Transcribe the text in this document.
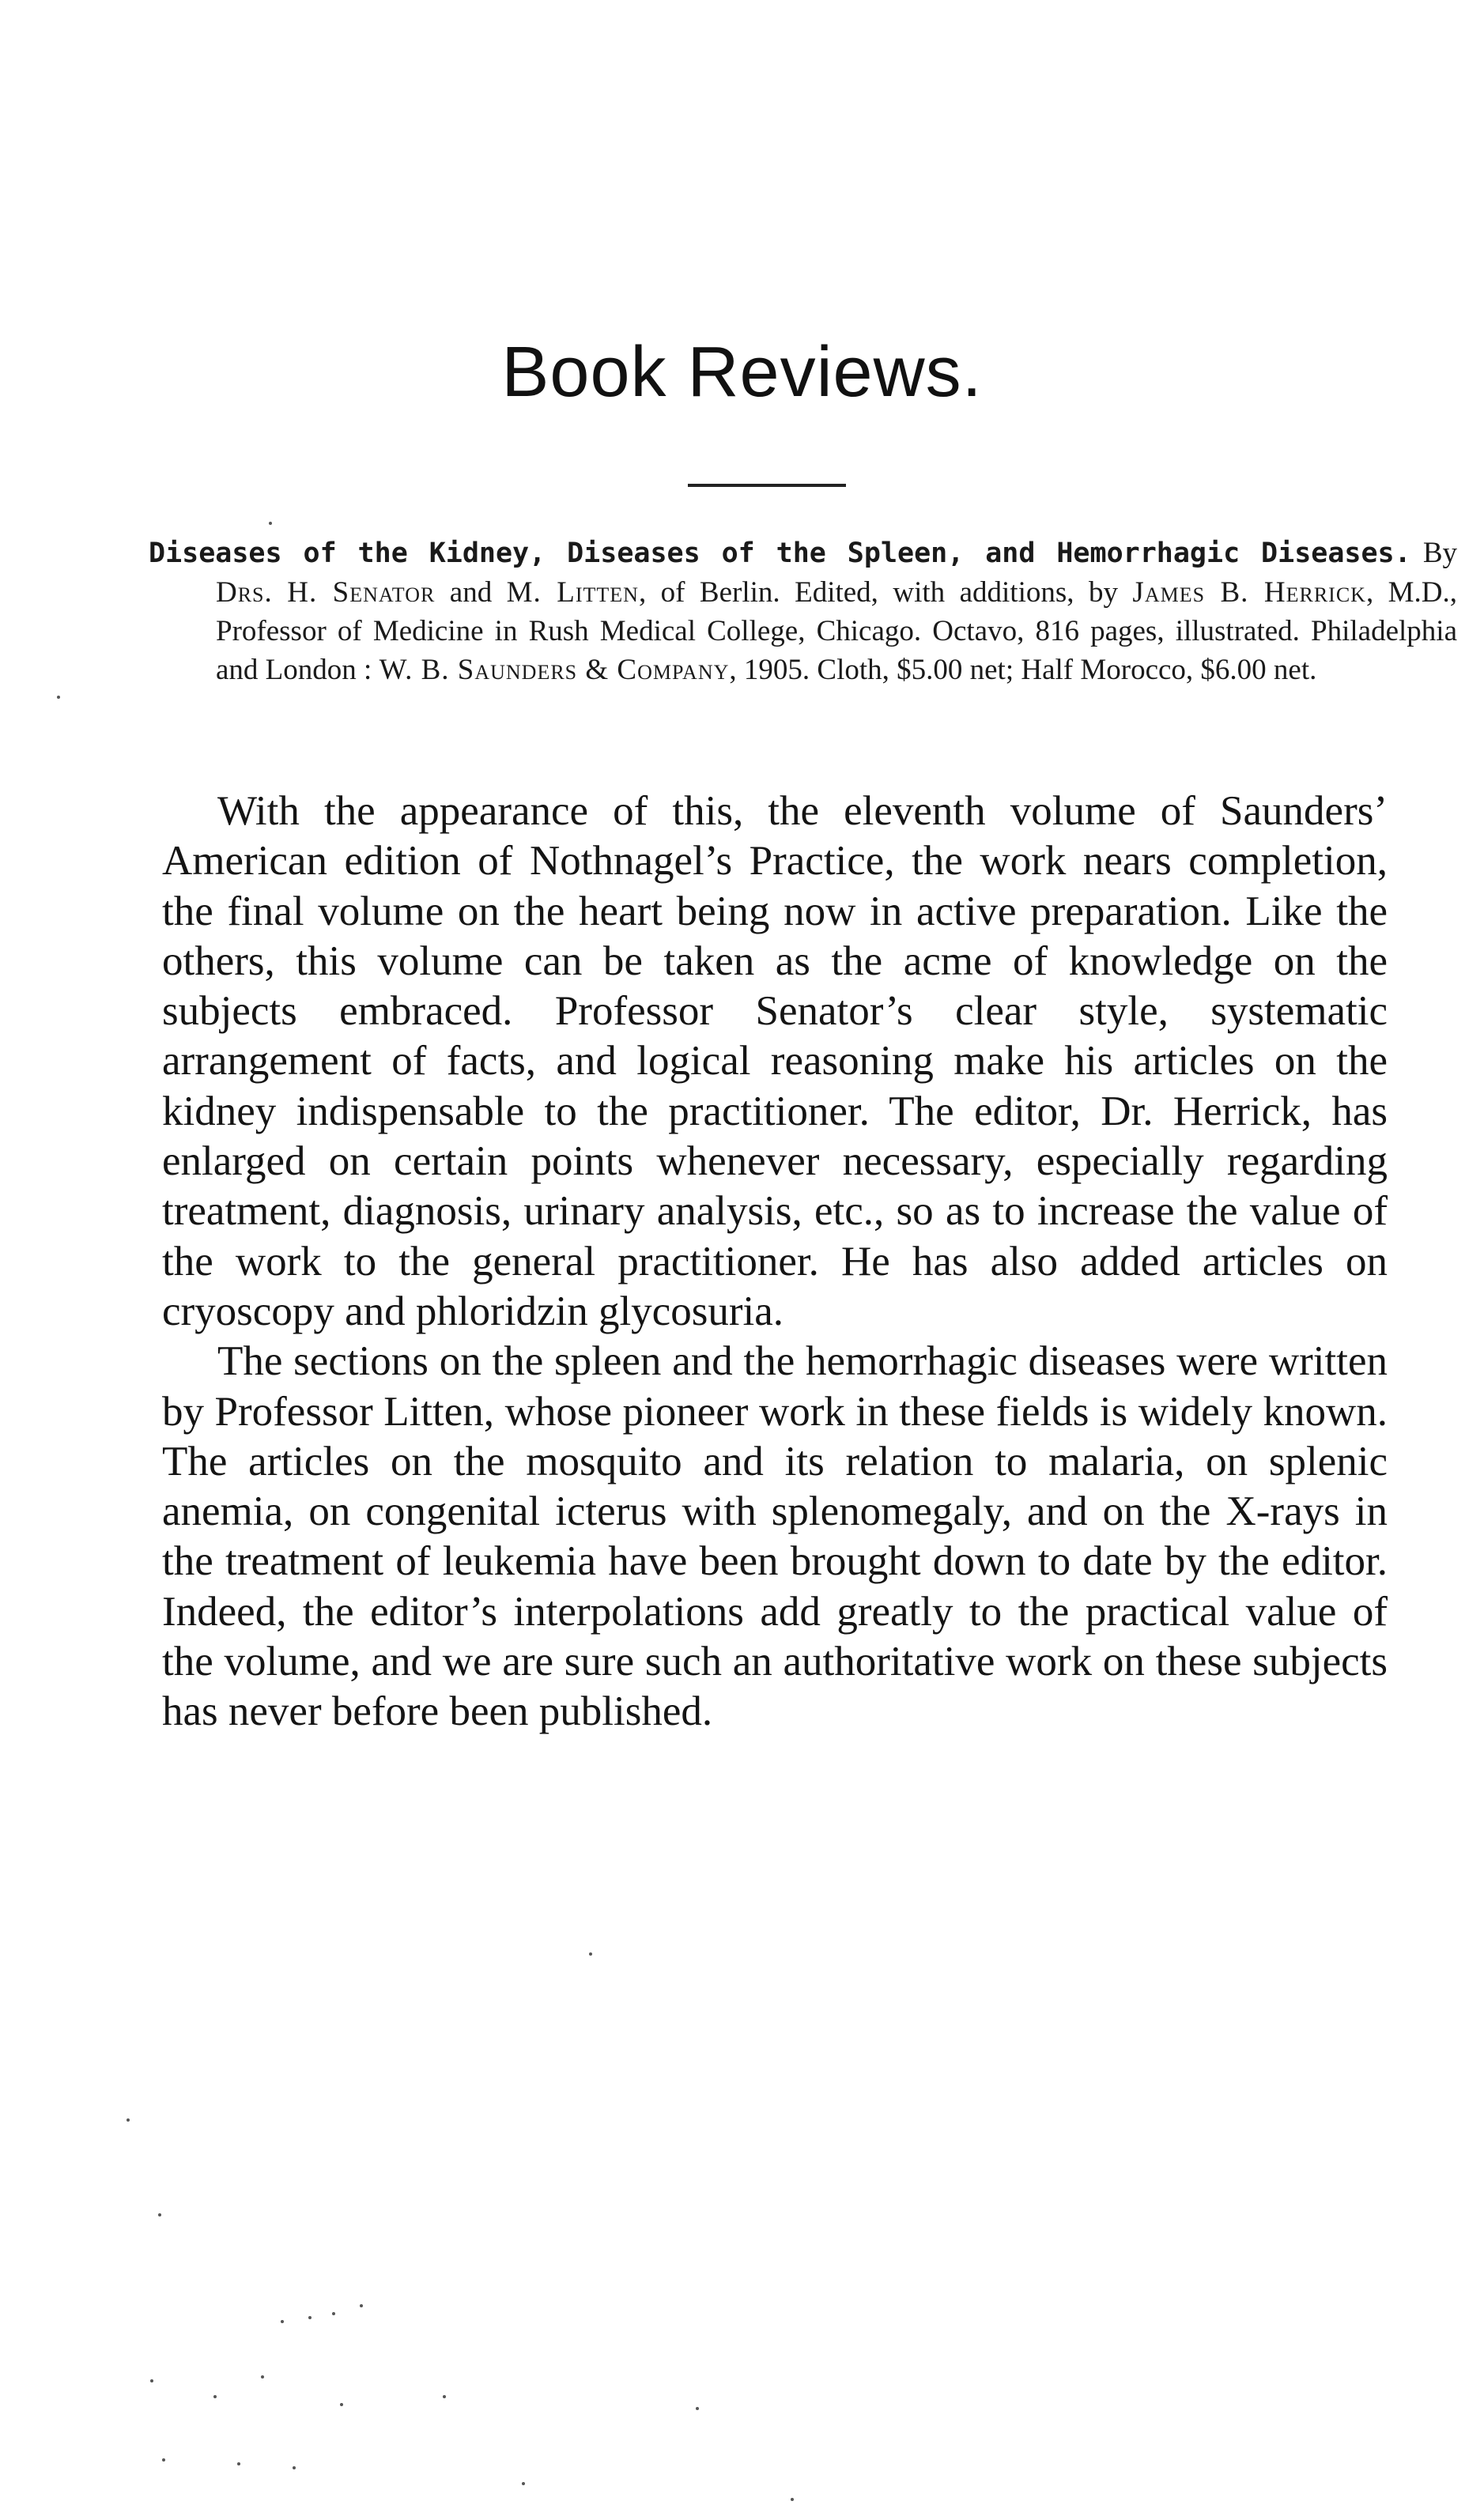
Book Reviews.
Diseases of the Kidney, Diseases of the Spleen, and Hemorrhagic Diseases. By Drs. H. Senator and M. Litten, of Berlin. Edited, with additions, by James B. Herrick, M.D., Professor of Medicine in Rush Medical College, Chicago. Octavo, 816 pages, illustrated. Philadelphia and London : W. B. Saunders & Company, 1905. Cloth, $5.00 net; Half Morocco, $6.00 net.

With the appearance of this, the eleventh volume of Saunders’ American edition of Nothnagel’s Practice, the work nears completion, the final volume on the heart being now in active preparation. Like the others, this volume can be taken as the acme of knowledge on the subjects embraced. Professor Senator’s clear style, systematic arrangement of facts, and logical reasoning make his articles on the kidney indispensable to the practitioner. The editor, Dr. Herrick, has enlarged on certain points whenever necessary, especially regarding treatment, diagnosis, urinary analysis, etc., so as to increase the value of the work to the general practitioner. He has also added articles on cryoscopy and phloridzin glycosuria.

The sections on the spleen and the hemorrhagic diseases were written by Professor Litten, whose pioneer work in these fields is widely known. The articles on the mosquito and its relation to malaria, on splenic anemia, on congenital icterus with splenomegaly, and on the X-rays in the treatment of leukemia have been brought down to date by the editor. Indeed, the editor’s interpolations add greatly to the practical value of the volume, and we are sure such an authoritative work on these subjects has never before been published.
